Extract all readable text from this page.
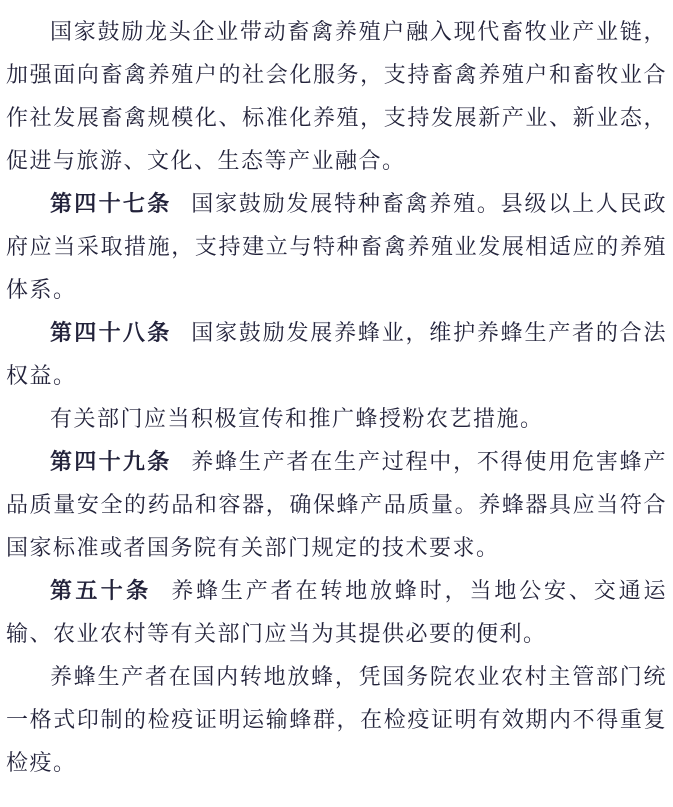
国家鼓励龙头企业带动畜禽养殖户融入现代畜牧业产业链，加强面向畜禽养殖户的社会化服务，支持畜禽养殖户和畜牧业合作社发展畜禽规模化、标准化养殖，支持发展新产业、新业态，促进与旅游、文化、生态等产业融合。

第四十七条 国家鼓励发展特种畜禽养殖。县级以上人民政府应当采取措施，支持建立与特种畜禽养殖业发展相适应的养殖体系。

第四十八条 国家鼓励发展养蜂业，维护养蜂生产者的合法权益。

有关部门应当积极宣传和推广蜂授粉农艺措施。

第四十九条 养蜂生产者在生产过程中，不得使用危害蜂产品质量安全的药品和容器，确保蜂产品质量。养蜂器具应当符合国家标准或者国务院有关部门规定的技术要求。

第五十条 养蜂生产者在转地放蜂时，当地公安、交通运输、农业农村等有关部门应当为其提供必要的便利。

养蜂生产者在国内转地放蜂，凭国务院农业农村主管部门统一格式印制的检疫证明运输蜂群，在检疫证明有效期内不得重复检疫。
